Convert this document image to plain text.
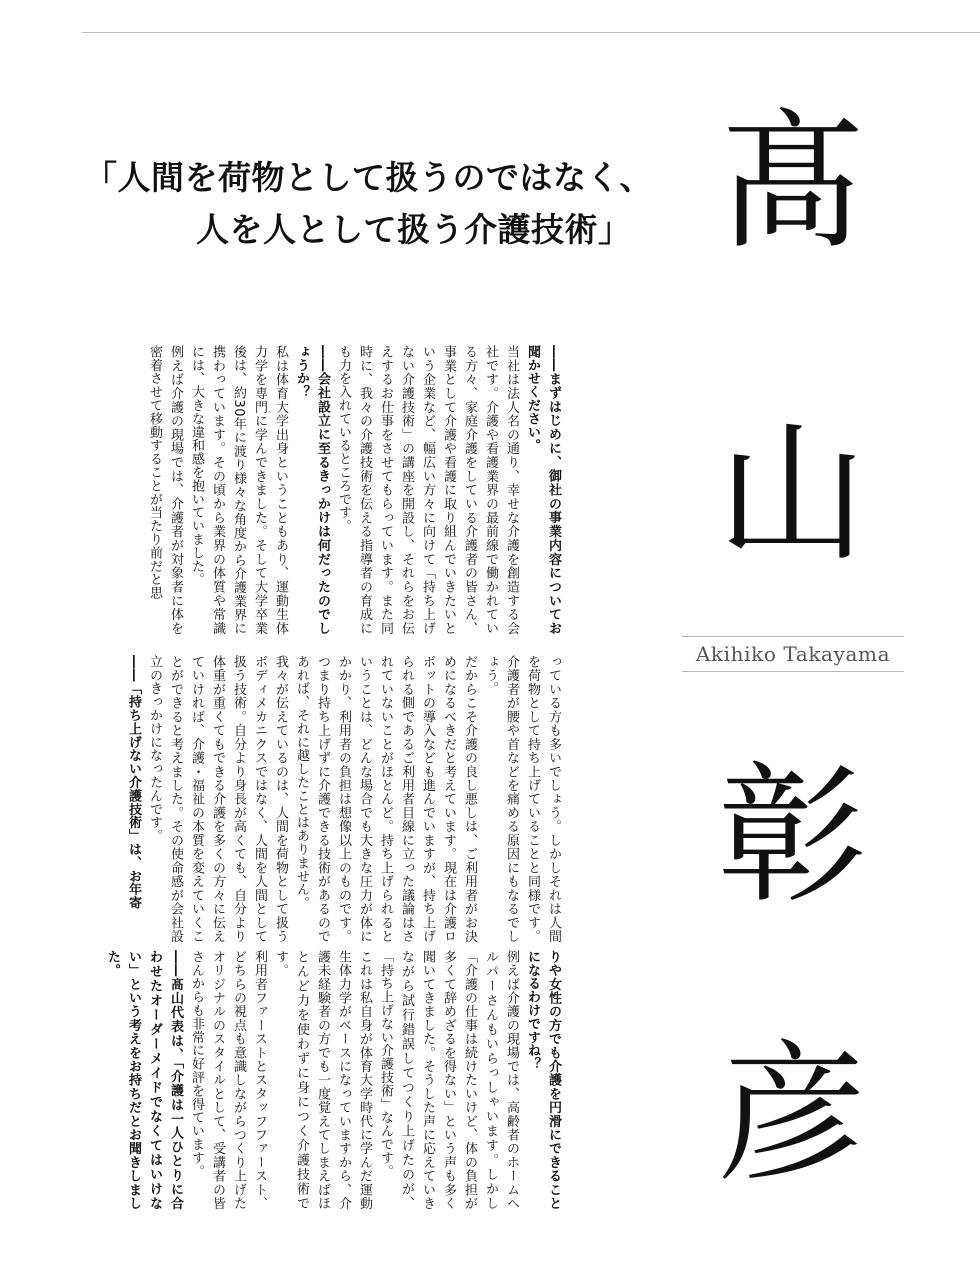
「人間を荷物として扱うのではなく、
人を人として扱う介護技術」 髙
山
彰
彦
Akihiko Takayama

――まずはじめに、御社の事業内容についてお聞かせください。

当社は法人名の通り、幸せな介護を創造する会社です。介護や看護業界の最前線で働かれている方々、家庭介護をしている介護者の皆さん、事業として介護や看護に取り組んでいきたいという企業など、幅広い方々に向けて「持ち上げない介護技術」の講座を開設し、それらをお伝えするお仕事をさせてもらっています。また同時に、我々の介護技術を伝える指導者の育成にも力を入れているところです。

――会社設立に至るきっかけは何だったのでしょうか？

私は体育大学出身ということもあり、運動生体力学を専門に学んできました。そして大学卒業後は、約30年に渡り様々な角度から介護業界に携わっています。その頃から業界の体質や常識には、大きな違和感を抱いていました。

例えば介護の現場では、介護者が対象者に体を密着させて移動することが当たり前だと思

っている方も多いでしょう。しかしそれは人間を荷物として持ち上げていることと同様です。介護者が腰や首などを痛める原因にもなるでしょう。

だからこそ介護の良し悪しは、ご利用者がお決めになるべきだと考えています。現在は介護ロボットの導入なども進んでいますが、持ち上げられる側であるご利用者目線に立った議論はされていないことがほとんど。持ち上げられるということは、どんな場合でも大きな圧力が体にかかり、利用者の負担は想像以上のものです。つまり持ち上げずに介護できる技術があるのであれば、それに越したことはありません。

我々が伝えているのは、人間を荷物として扱うボディメカニクスではなく、人間を人間として扱う技術。自分より身長が高くても、自分より体重が重くてもできる介護を多くの方々に伝えていければ、介護・福祉の本質を変えていくことができると考えました。その使命感が会社設立のきっかけになったんです。

――「持ち上げない介護技術」は、お年寄

りや女性の方でも介護を円滑にできることになるわけですね？

例えば介護の現場では、高齢者のホームヘルパーさんもいらっしゃいます。しかし「介護の仕事は続けたいけど、体の負担が多くて辞めざるを得ない」という声も多く聞いてきました。そうした声に応えていきながら試行錯誤してつくり上げたのが、「持ち上げない介護技術」なんです。

これは私自身が体育大学時代に学んだ運動生体力学がベースになっていますから、介護未経験者の方でも一度覚えてしまえばほとんど力を使わずに身につく介護技術です。

利用者ファーストとスタッフファースト、どちらの視点も意識しながらつくり上げたオリジナルのスタイルとして、受講者の皆さんからも非常に好評を得ています。

――髙山代表は、「介護は一人ひとりに合わせたオーダーメイドでなくてはいけない」という考えをお持ちだとお聞きしました。
